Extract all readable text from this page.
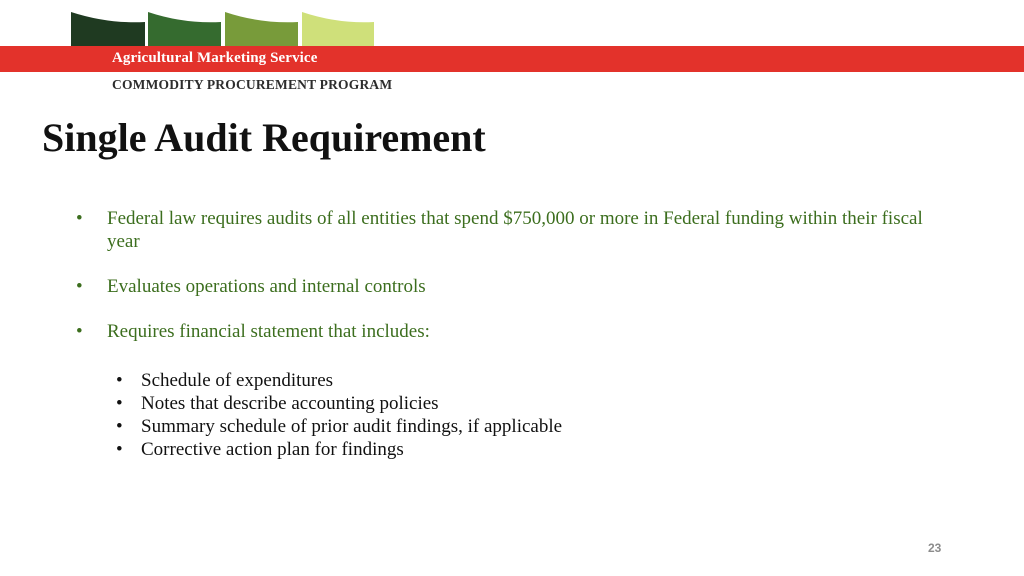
Agricultural Marketing Service
COMMODITY PROCUREMENT PROGRAM
Single Audit Requirement
• Federal law requires audits of all entities that spend $750,000 or more in Federal funding within their fiscal year
• Evaluates operations and internal controls
• Requires financial statement that includes:
• Schedule of expenditures
• Notes that describe accounting policies
• Summary schedule of prior audit findings, if applicable
• Corrective action plan for findings
23
